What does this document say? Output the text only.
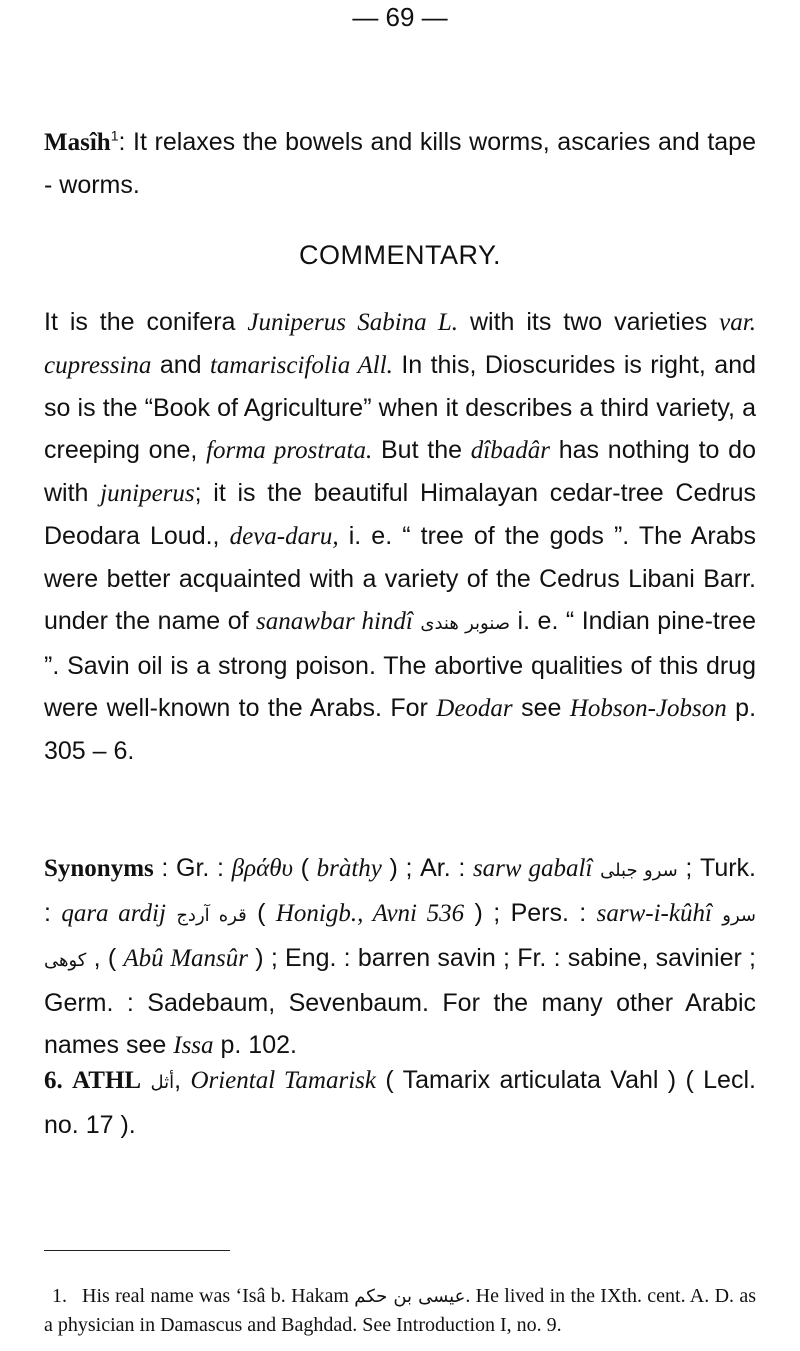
— 69 —

Masîh$^1$: It relaxes the bowels and kills worms, ascaries and tape - worms.

COMMENTARY.

It is the conifera Juniperus Sabina L. with its two varieties var. cupressina and tamariscifolia All. In this, Dioscurides is right, and so is the “Book of Agriculture” when it describes a third variety, a creeping one, forma prostrata. But the dîbadâr has nothing to do with juniperus; it is the beautiful Himalayan cedar-tree Cedrus Deodara Loud., deva-daru, i. e. “ tree of the gods ”. The Arabs were better acquainted with a variety of the Cedrus Libani Barr. under the name of sanawbar hindî صنوبر هندى i. e. “ Indian pine-tree ”. Savin oil is a strong poison. The abortive qualities of this drug were well-known to the Arabs. For Deodar see Hobson-Jobson p. 305 – 6.

Synonyms : Gr. : βράθυ ( bràthy ) ; Ar. : sarw gabalî سرو جبلى ; Turk. : qara ardij قره آردج ( Honigb., Avni 536 ) ; Pers. : sarw-i-kûhî سرو كوهى , ( Abû Mansûr ) ; Eng. : barren savin ; Fr. : sabine, savinier ; Germ. : Sadebaum, Sevenbaum. For the many other Arabic names see Issa p. 102.

6. ATHL أثل, Oriental Tamarisk ( Tamarix articulata Vahl ) ( Lecl. no. 17 ).

1. His real name was ‘Isâ b. Hakam عيسى بن حكم. He lived in the IXth. cent. A. D. as a physician in Damascus and Baghdad. See Introduction I, no. 9.
